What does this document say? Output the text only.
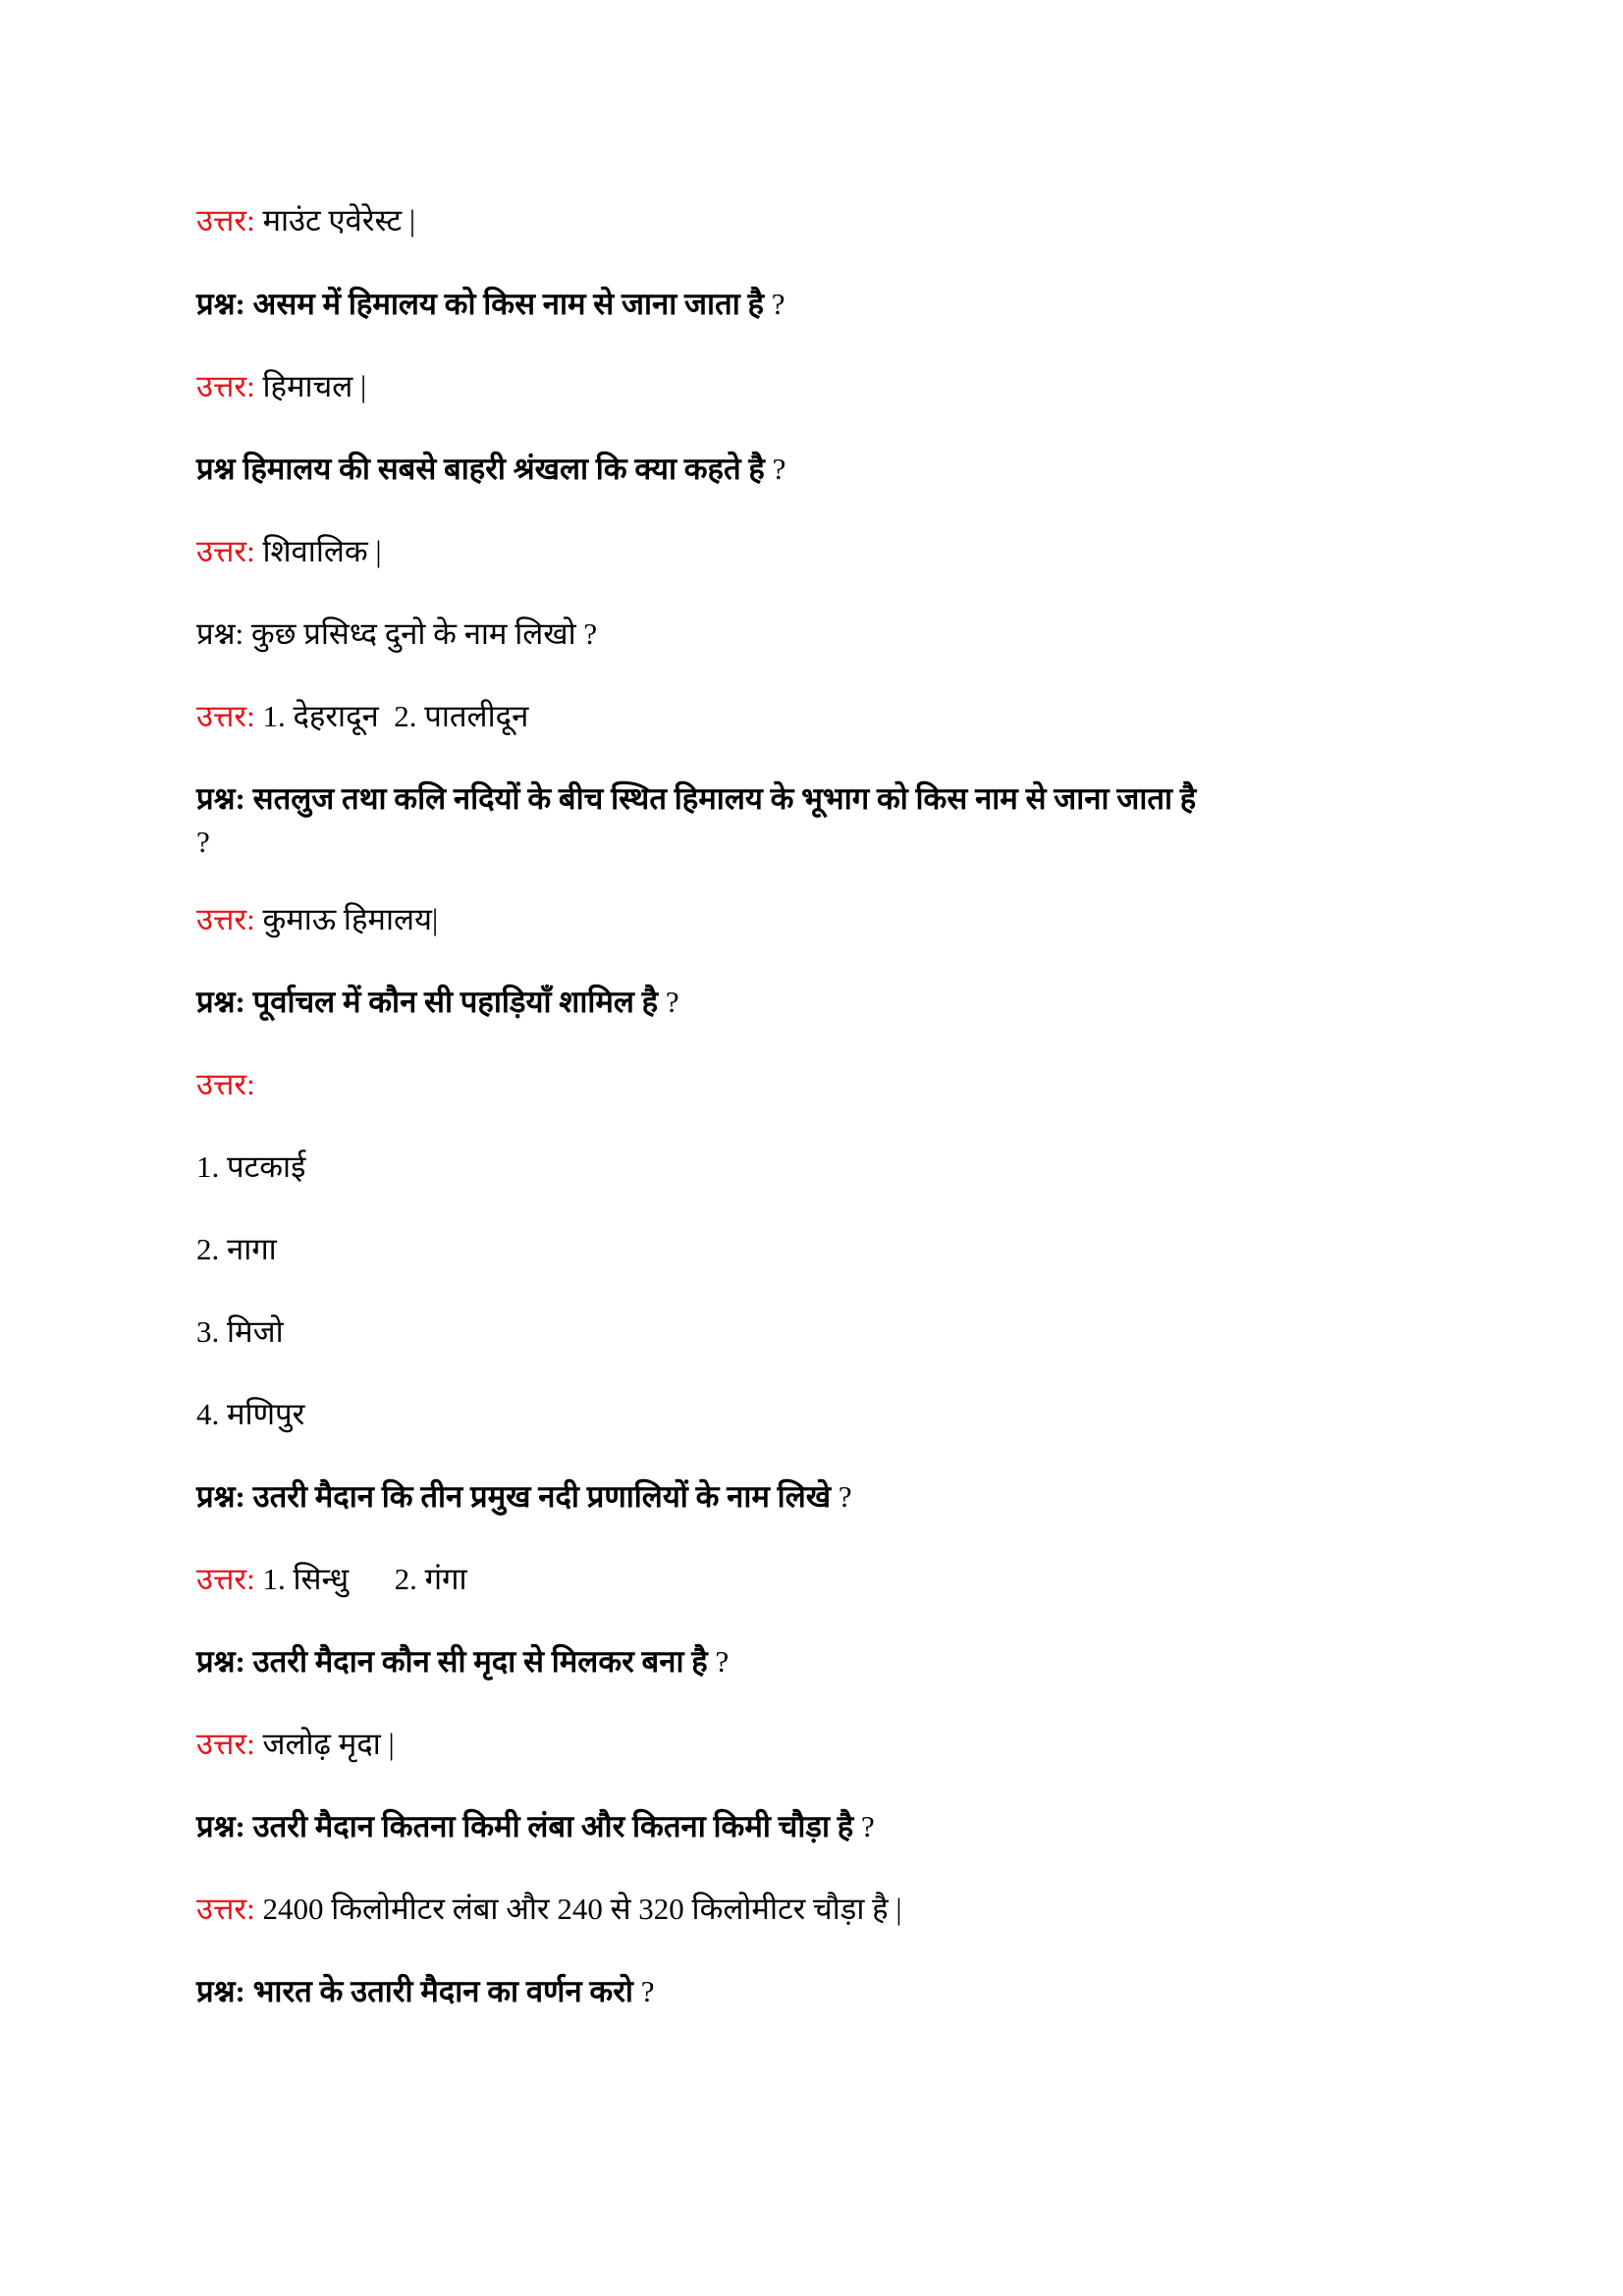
उत्तर: माउंट एवेरेस्ट |
प्रश्न: असम में हिमालय को किस नाम से जाना जाता है ?
उत्तर: हिमाचल |
प्रश्न हिमालय की सबसे बाहरी श्रंखला कि क्या कहते है ?
उत्तर: शिवालिक |
प्रश्न: कुछ प्रसिध्द दुनो के नाम लिखो ?
उत्तर: 1. देहरादून  2. पातलीदून
प्रश्न: सतलुज तथा कलि नदियों के बीच स्थित हिमालय के भूभाग को किस नाम से जाना जाता है
?
उत्तर: कुमाऊ हिमालय|
प्रश्न: पूर्वाचल में कौन सी पहाड़ियाँ शामिल है ?
उत्तर:
1. पटकाई
2. नागा
3. मिजो
4. मणिपुर
प्रश्न: उतरी मैदान कि तीन प्रमुख नदी प्रणालियों के नाम लिखे ?
उत्तर: 1. सिन्धु      2. गंगा
प्रश्न: उतरी मैदान कौन सी मृदा से मिलकर बना है ?
उत्तर: जलोढ़ मृदा |
प्रश्न: उतरी मैदान कितना किमी लंबा और कितना किमी चौड़ा है ?
उत्तर: 2400 किलोमीटर लंबा और 240 से 320 किलोमीटर चौड़ा है |
प्रश्न: भारत के उतारी मैदान का वर्णन करो ?
